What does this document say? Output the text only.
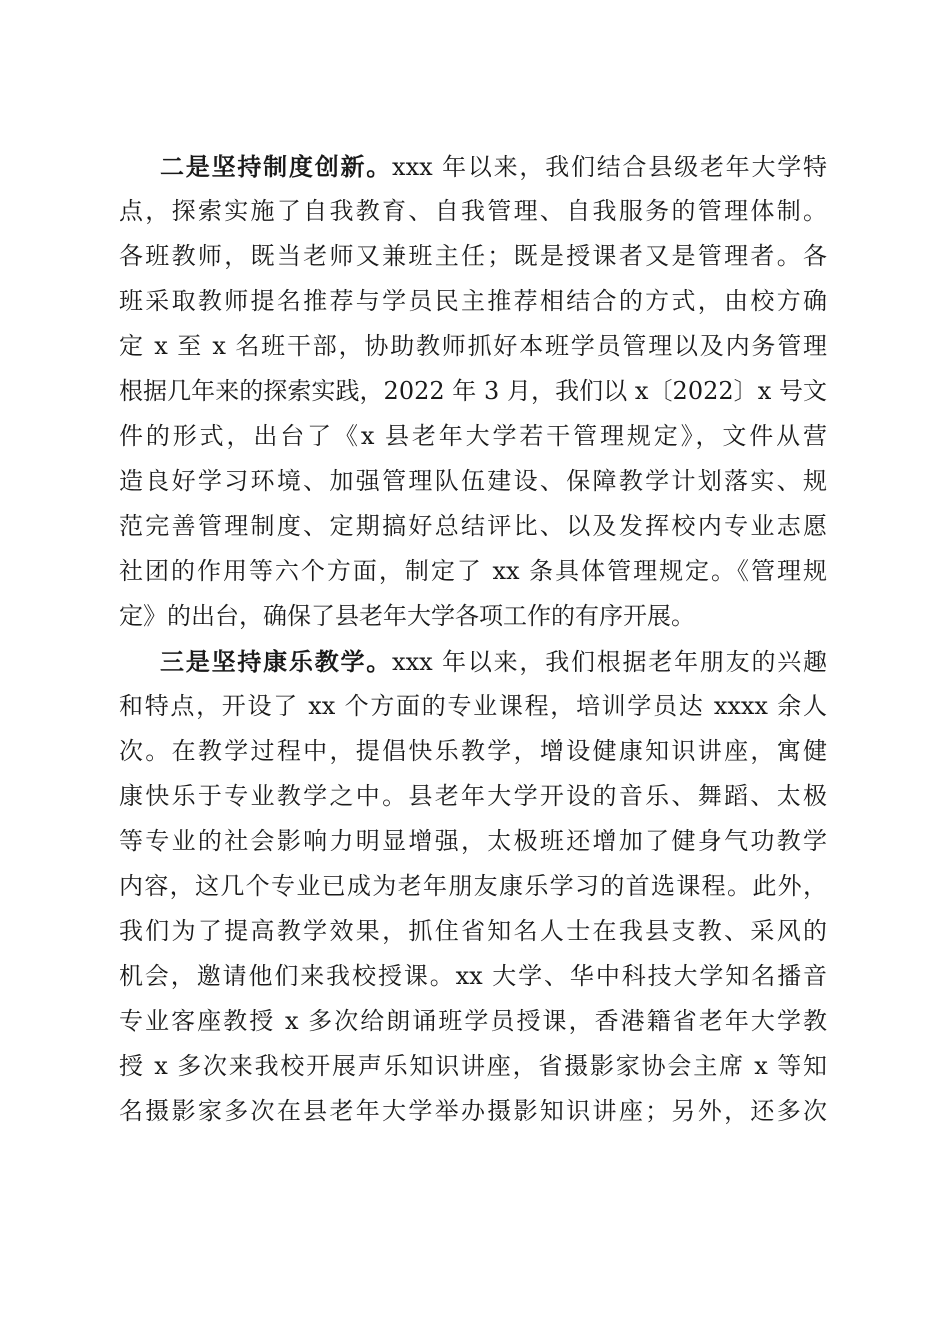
二是坚持制度创新。xxx 年以来，我们结合县级老年大学特
点，探索实施了自我教育、自我管理、自我服务的管理体制。
各班教师，既当老师又兼班主任；既是授课者又是管理者。各
班采取教师提名推荐与学员民主推荐相结合的方式，由校方确
定 x 至 x 名班干部，协助教师抓好本班学员管理以及内务管理
根据几年来的探索实践，2022 年 3 月，我们以 x〔2022〕x 号文
件的形式，出台了《x 县老年大学若干管理规定》，文件从营
造良好学习环境、加强管理队伍建设、保障教学计划落实、规
范完善管理制度、定期搞好总结评比、以及发挥校内专业志愿
社团的作用等六个方面，制定了 xx 条具体管理规定。《管理规
定》的出台，确保了县老年大学各项工作的有序开展。
三是坚持康乐教学。xxx 年以来，我们根据老年朋友的兴趣
和特点，开设了 xx 个方面的专业课程，培训学员达 xxxx 余人
次。在教学过程中，提倡快乐教学，增设健康知识讲座，寓健
康快乐于专业教学之中。县老年大学开设的音乐、舞蹈、太极
等专业的社会影响力明显增强，太极班还增加了健身气功教学
内容，这几个专业已成为老年朋友康乐学习的首选课程。此外，
我们为了提高教学效果，抓住省知名人士在我县支教、采风的
机会，邀请他们来我校授课。xx 大学、华中科技大学知名播音
专业客座教授 x 多次给朗诵班学员授课，香港籍省老年大学教
授 x 多次来我校开展声乐知识讲座，省摄影家协会主席 x 等知
名摄影家多次在县老年大学举办摄影知识讲座；另外，还多次
